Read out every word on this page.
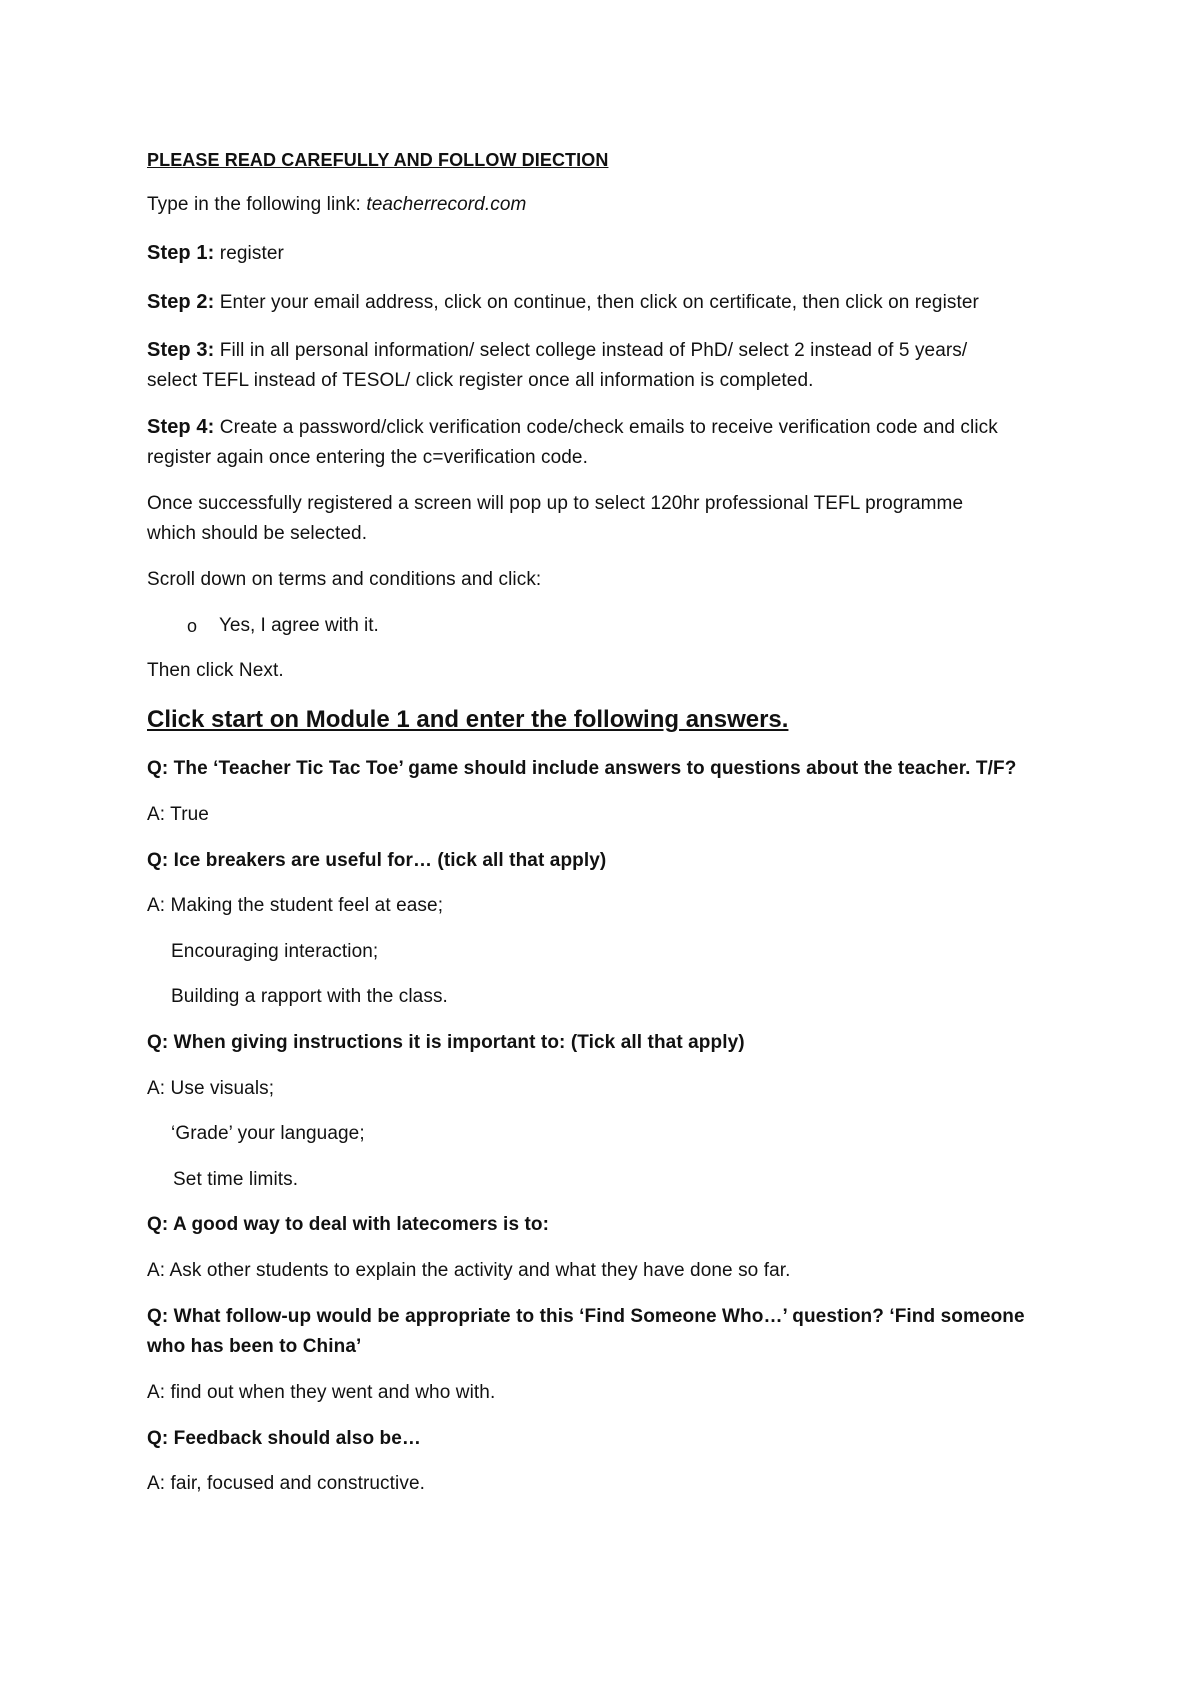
PLEASE READ CAREFULLY AND FOLLOW DIECTION
Type in the following link: teacherrecord.com
Step 1: register
Step 2: Enter your email address, click on continue, then click on certificate, then click on register
Step 3: Fill in all personal information/ select college instead of PhD/ select 2 instead of 5 years/
select TEFL instead of TESOL/ click register once all information is completed.
Step 4: Create a password/click verification code/check emails to receive verification code and click
register again once entering the c=verification code.
Once successfully registered a screen will pop up to select 120hr professional TEFL programme
which should be selected.
Scroll down on terms and conditions and click:
o Yes, I agree with it.
Then click Next.
Click start on Module 1 and enter the following answers.
Q: The ‘Teacher Tic Tac Toe’ game should include answers to questions about the teacher. T/F?
A: True
Q: Ice breakers are useful for… (tick all that apply)
A: Making the student feel at ease;
Encouraging interaction;
Building a rapport with the class.
Q: When giving instructions it is important to: (Tick all that apply)
A: Use visuals;
‘Grade’ your language;
Set time limits.
Q: A good way to deal with latecomers is to:
A: Ask other students to explain the activity and what they have done so far.
Q: What follow-up would be appropriate to this ‘Find Someone Who…’ question? ‘Find someone
who has been to China’
A: find out when they went and who with.
Q: Feedback should also be…
A: fair, focused and constructive.
